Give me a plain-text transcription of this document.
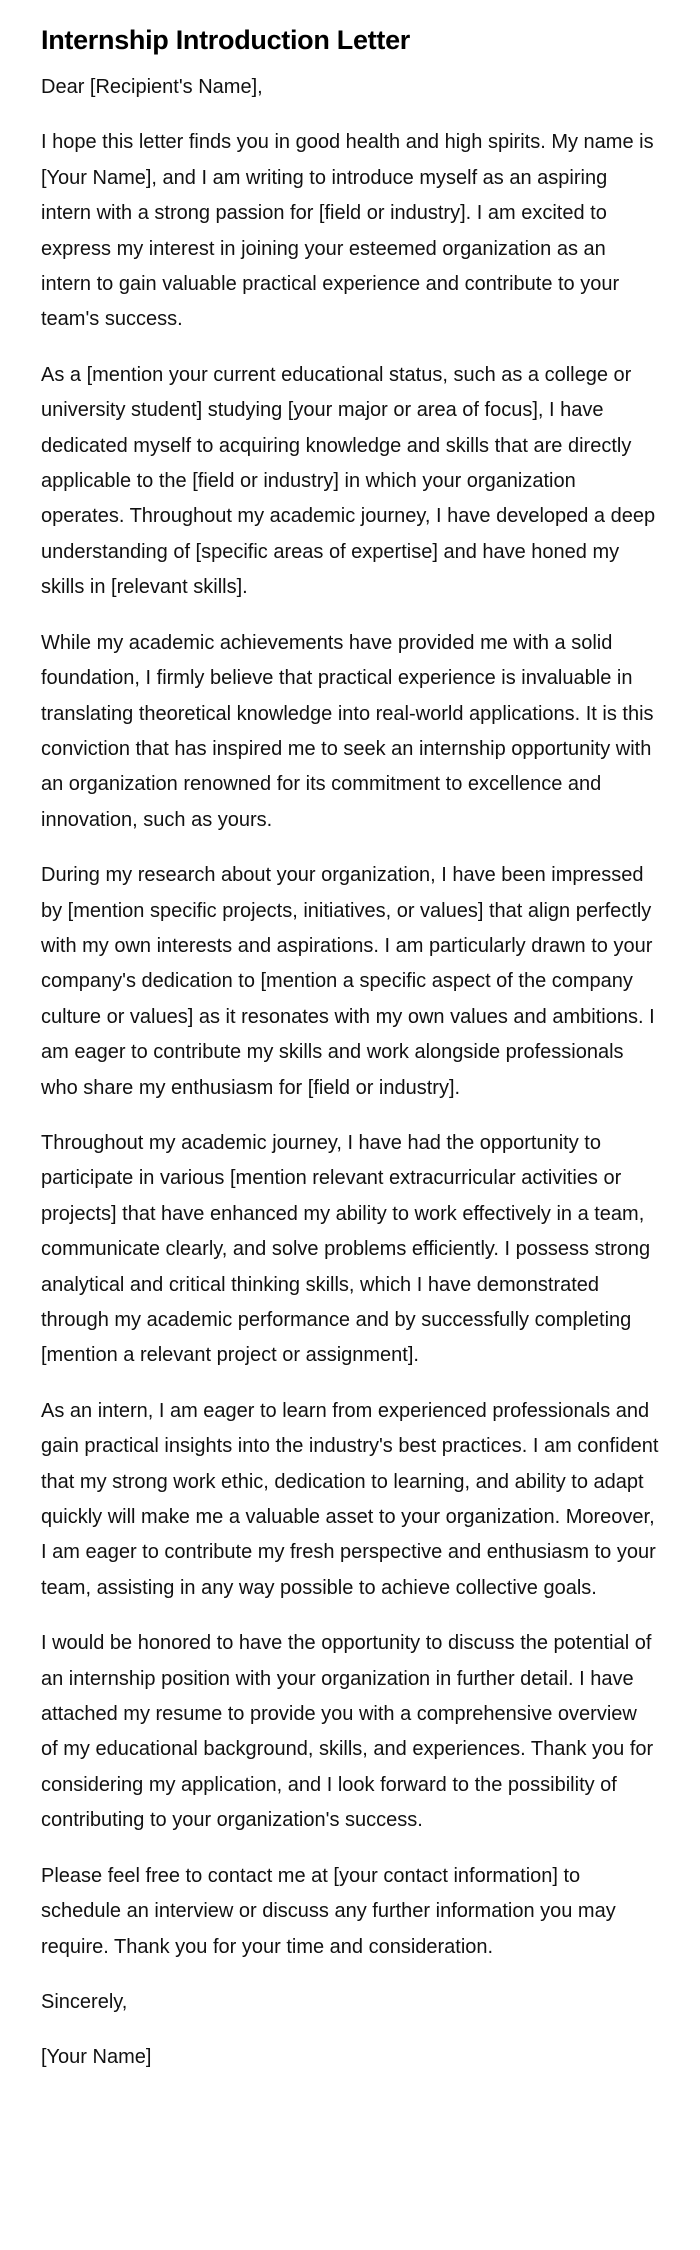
Internship Introduction Letter

Dear [Recipient's Name],

I hope this letter finds you in good health and high spirits. My name is [Your Name], and I am writing to introduce myself as an aspiring intern with a strong passion for [field or industry]. I am excited to express my interest in joining your esteemed organization as an intern to gain valuable practical experience and contribute to your team's success.

As a [mention your current educational status, such as a college or university student] studying [your major or area of focus], I have dedicated myself to acquiring knowledge and skills that are directly applicable to the [field or industry] in which your organization operates. Throughout my academic journey, I have developed a deep understanding of [specific areas of expertise] and have honed my skills in [relevant skills].

While my academic achievements have provided me with a solid foundation, I firmly believe that practical experience is invaluable in translating theoretical knowledge into real-world applications. It is this conviction that has inspired me to seek an internship opportunity with an organization renowned for its commitment to excellence and innovation, such as yours.

During my research about your organization, I have been impressed by [mention specific projects, initiatives, or values] that align perfectly with my own interests and aspirations. I am particularly drawn to your company's dedication to [mention a specific aspect of the company culture or values] as it resonates with my own values and ambitions. I am eager to contribute my skills and work alongside professionals who share my enthusiasm for [field or industry].

Throughout my academic journey, I have had the opportunity to participate in various [mention relevant extracurricular activities or projects] that have enhanced my ability to work effectively in a team, communicate clearly, and solve problems efficiently. I possess strong analytical and critical thinking skills, which I have demonstrated through my academic performance and by successfully completing [mention a relevant project or assignment].

As an intern, I am eager to learn from experienced professionals and gain practical insights into the industry's best practices. I am confident that my strong work ethic, dedication to learning, and ability to adapt quickly will make me a valuable asset to your organization. Moreover, I am eager to contribute my fresh perspective and enthusiasm to your team, assisting in any way possible to achieve collective goals.

I would be honored to have the opportunity to discuss the potential of an internship position with your organization in further detail. I have attached my resume to provide you with a comprehensive overview of my educational background, skills, and experiences. Thank you for considering my application, and I look forward to the possibility of contributing to your organization's success.

Please feel free to contact me at [your contact information] to schedule an interview or discuss any further information you may require. Thank you for your time and consideration.

Sincerely,

[Your Name]
